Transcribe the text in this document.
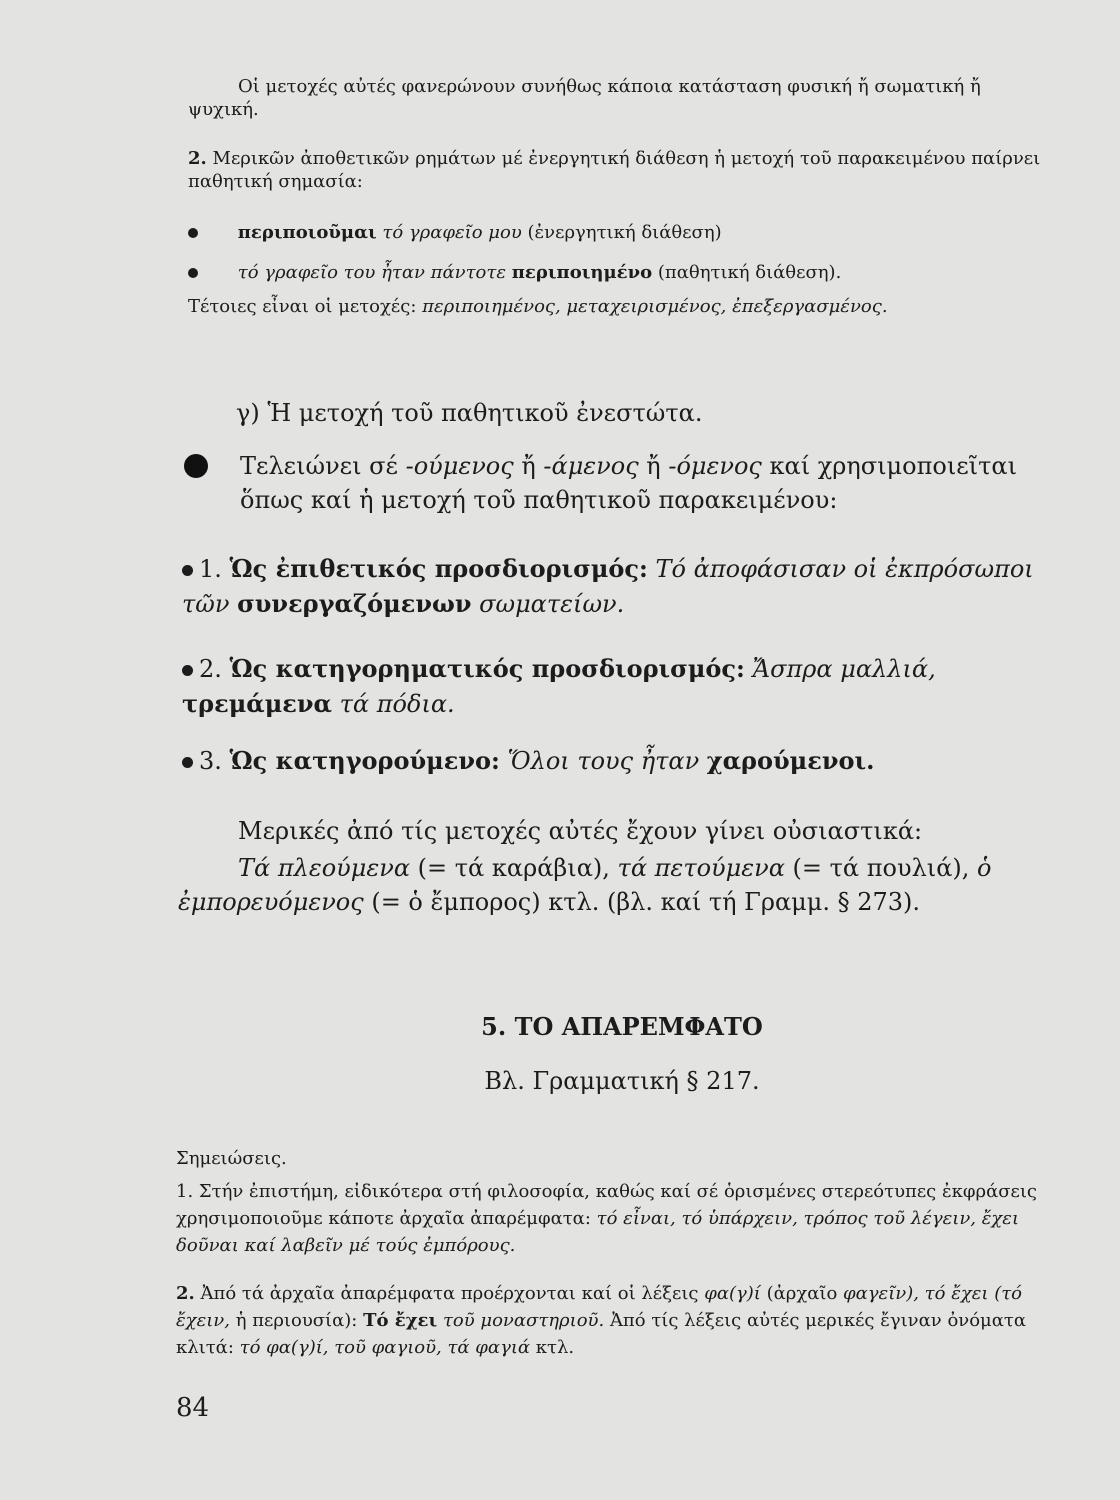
Οἱ μετοχές αὐτές φανερώνουν συνήθως κάποια κατάσταση φυσική ἤ σωματική ἤ ψυχική.
2. Μερικῶν ἀποθετικῶν ρημάτων μέ ἐνεργητική διάθεση ἡ μετοχή τοῦ παρακειμένου παίρνει παθητική σημασία:
περιποιοῦμαι τό γραφεῖο μου (ἐνεργητική διάθεση)
τό γραφεῖο του ἦταν πάντοτε περιποιημένο (παθητική διάθεση).
Τέτοιες εἶναι οἱ μετοχές: περιποιημένος, μεταχειρισμένος, ἐπεξεργασμένος.
γ) Ἡ μετοχή τοῦ παθητικοῦ ἐνεστώτα.
Τελειώνει σέ -ούμενος ἤ -άμενος ἤ -όμενος καί χρησιμοποιεῖται ὅπως καί ἡ μετοχή τοῦ παθητικοῦ παρακειμένου:
1. Ὡς ἐπιθετικός προσδιορισμός: Τό ἀποφάσισαν οἱ ἐκπρόσωποι τῶν συνεργαζόμενων σωματείων.
2. Ὡς κατηγορηματικός προσδιορισμός: Ἄσπρα μαλλιά, τρεμάμενα τά πόδια.
3. Ὡς κατηγορούμενο: Ὅλοι τους ἦταν χαρούμενοι.
Μερικές ἀπό τίς μετοχές αὐτές ἔχουν γίνει οὐσιαστικά:
Τά πλεούμενα (= τά καράβια), τά πετούμενα (= τά πουλιά), ὁ ἐμπορευόμενος (= ὁ ἔμπορος) κτλ. (βλ. καί τή Γραμμ. § 273).
5. ΤΟ ΑΠΑΡΕΜΦΑΤΟ
Βλ. Γραμματική § 217.
Σημειώσεις.
1. Στήν ἐπιστήμη, εἰδικότερα στή φιλοσοφία, καθώς καί σέ ὁρισμένες στερεότυπες ἐκφράσεις χρησιμοποιοῦμε κάποτε ἀρχαῖα ἀπαρέμφατα: τό εἶναι, τό ὑπάρχειν, τρόπος τοῦ λέγειν, ἔχει δοῦναι καί λαβεῖν μέ τούς ἐμπόρους.
2. Ἀπό τά ἀρχαῖα ἀπαρέμφατα προέρχονται καί οἱ λέξεις φα(γ)ί (ἀρχαῖο φαγεῖν), τό ἔχει (τό ἔχειν, ἡ περιουσία): Τό ἔχει τοῦ μοναστηριοῦ. Ἀπό τίς λέξεις αὐτές μερικές ἔγιναν ὀνόματα κλιτά: τό φα(γ)ί, τοῦ φαγιοῦ, τά φαγιά κτλ.
84
